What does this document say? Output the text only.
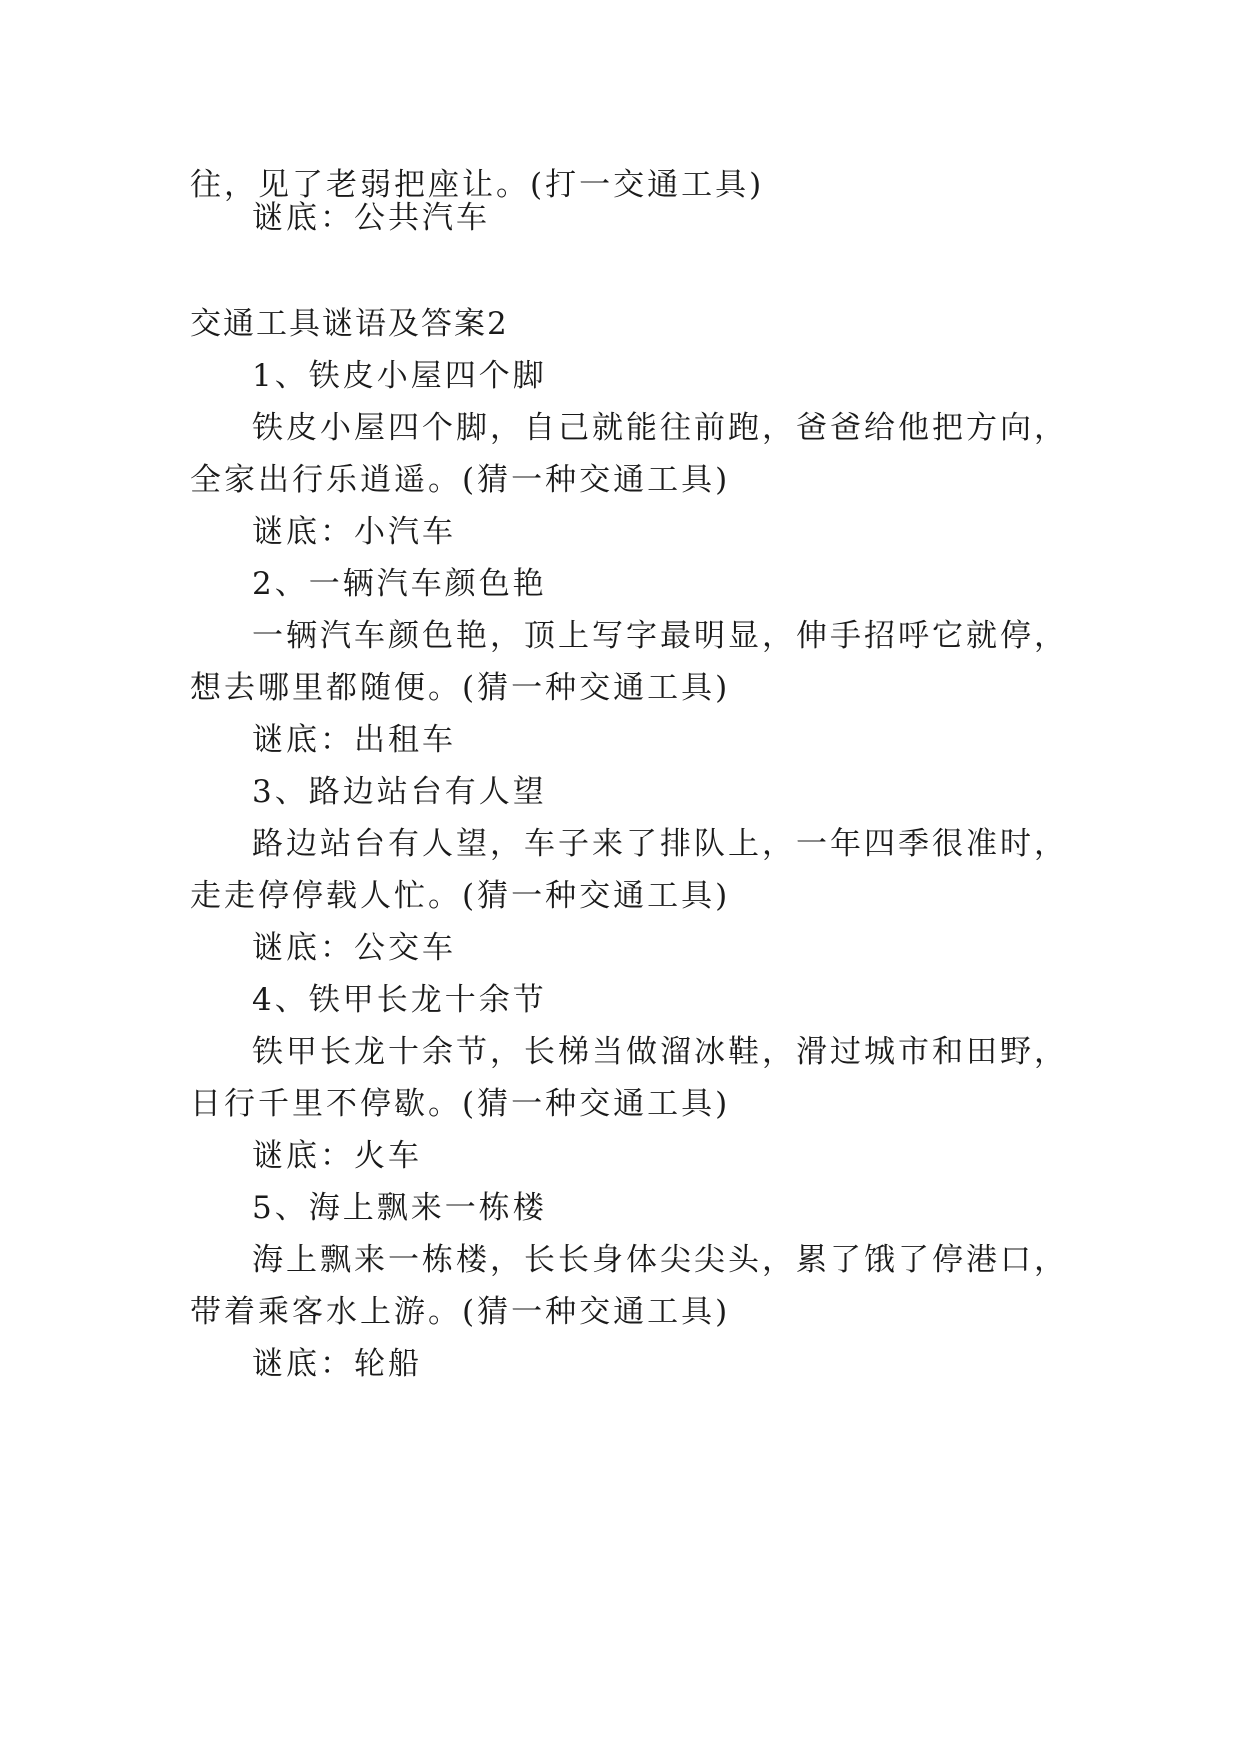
往，见了老弱把座让。(打一交通工具)
谜底：公共汽车
交通工具谜语及答案2
1、铁皮小屋四个脚
铁皮小屋四个脚，自己就能往前跑，爸爸给他把方向，
全家出行乐逍遥。(猜一种交通工具)
谜底：小汽车
2、一辆汽车颜色艳
一辆汽车颜色艳，顶上写字最明显，伸手招呼它就停，
想去哪里都随便。(猜一种交通工具)
谜底：出租车
3、路边站台有人望
路边站台有人望，车子来了排队上，一年四季很准时，
走走停停载人忙。(猜一种交通工具)
谜底：公交车
4、铁甲长龙十余节
铁甲长龙十余节，长梯当做溜冰鞋，滑过城市和田野，
日行千里不停歇。(猜一种交通工具)
谜底：火车
5、海上飘来一栋楼
海上飘来一栋楼，长长身体尖尖头，累了饿了停港口，
带着乘客水上游。(猜一种交通工具)
谜底：轮船
